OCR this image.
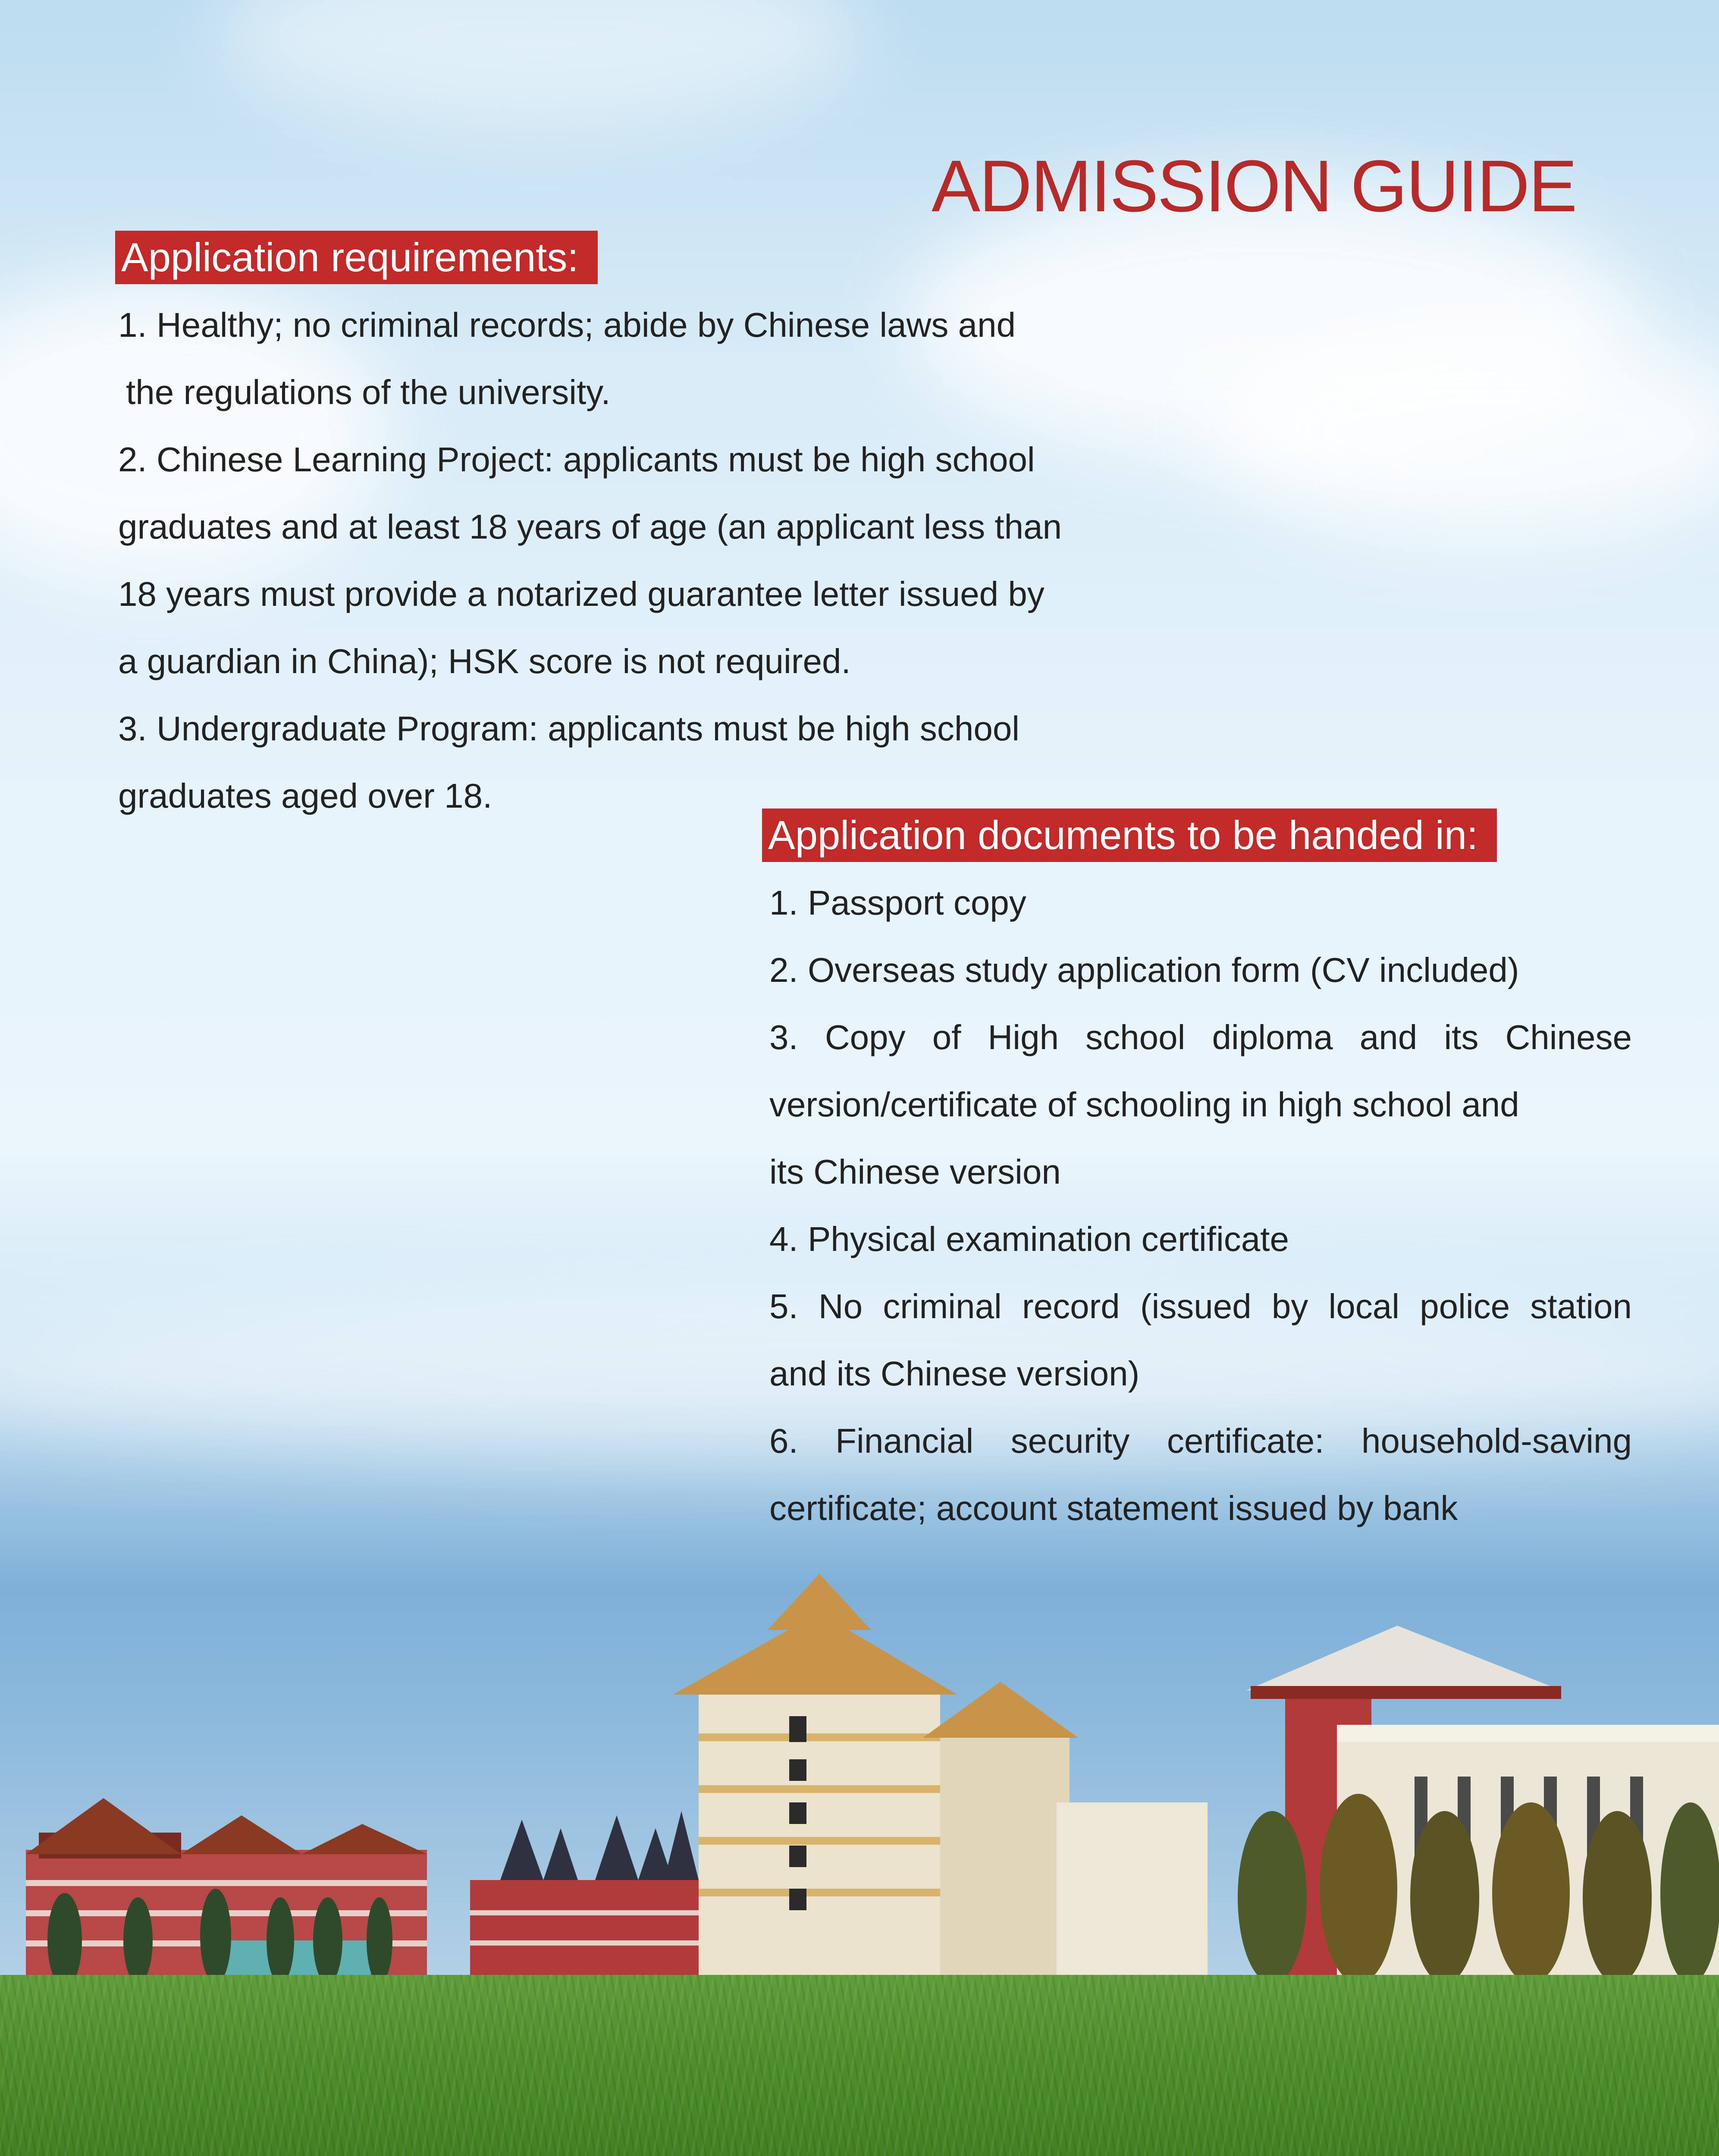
ADMISSION GUIDE
Application requirements:
1. Healthy; no criminal records; abide by Chinese laws and
the regulations of the university.
2. Chinese Learning Project: applicants must be high school
graduates and at least 18 years of age (an applicant less than
18 years must provide a notarized guarantee letter issued by
a guardian in China); HSK score is not required.
3. Undergraduate Program: applicants must be high school
graduates aged over 18.
Application documents to be handed in:
1. Passport copy
2. Overseas study application form (CV included)
3. Copy of High school diploma and its Chinese
version/certificate of schooling in high school and
its Chinese version
4. Physical examination certificate
5. No criminal record (issued by local police station
and its Chinese version)
6. Financial security certificate: household-saving
certificate; account statement issued by bank
